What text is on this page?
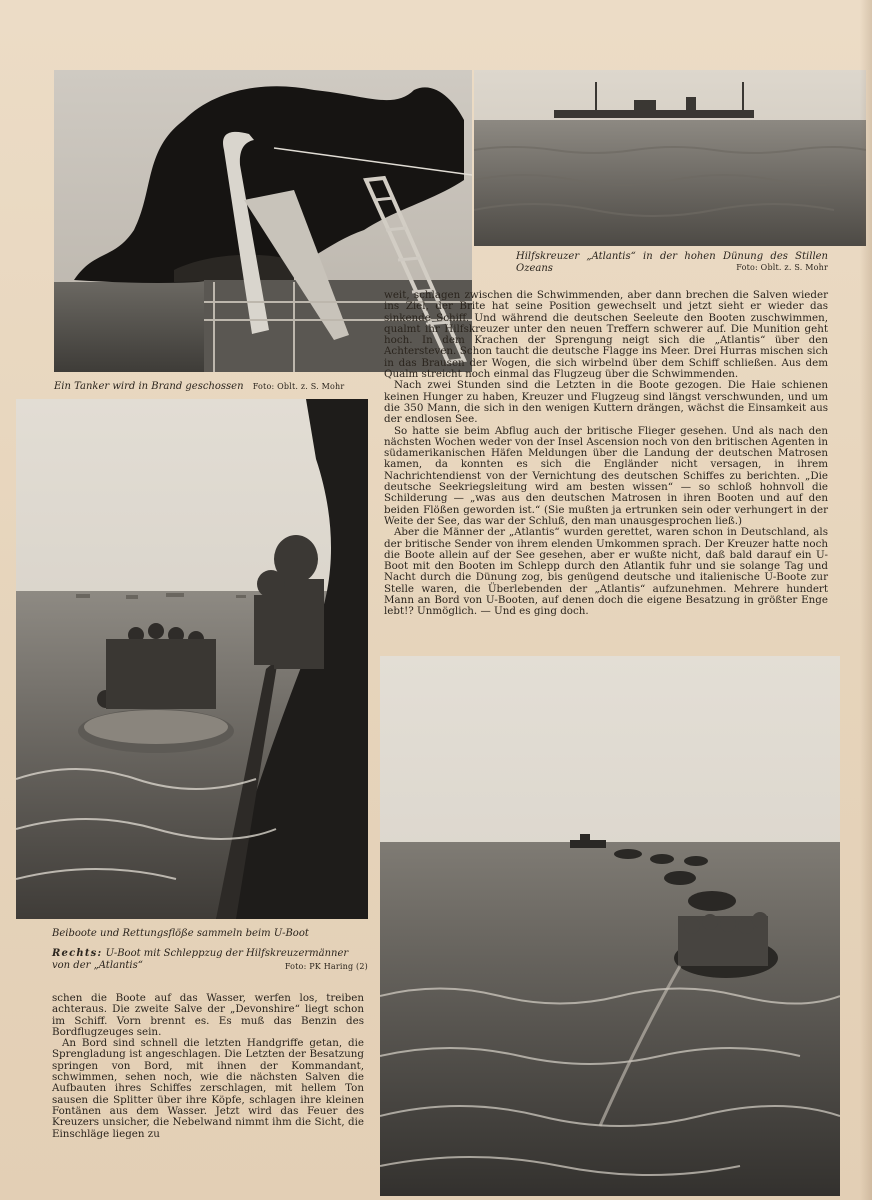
Ein Tanker wird in Brand geschossen Foto: Oblt. z. S. Mohr
Hilfskreuzer „Atlantis“ in der hohen Dünung des Stillen Ozeans	Foto: Oblt. z. S. Mohr

weit, schlagen zwischen die Schwimmenden, aber dann brechen die Salven wieder ins Ziel, der Brite hat seine Position gewechselt und jetzt sieht er wieder das sinkende Schiff. Und während die deutschen Seeleute den Booten zuschwimmen, qualmt ihr Hilfskreuzer unter den neuen Treffern schwerer auf. Die Munition geht hoch. In dem Krachen der Sprengung neigt sich die „Atlantis“ über den Achtersteven. Schon taucht die deutsche Flagge ins Meer. Drei Hurras mischen sich in das Brausen der Wogen, die sich wirbelnd über dem Schiff schließen. Aus dem Qualm streicht noch einmal das Flugzeug über die Schwimmenden.

Nach zwei Stunden sind die Letzten in die Boote gezogen. Die Haie schienen keinen Hunger zu haben, Kreuzer und Flugzeug sind längst verschwunden, und um die 350 Mann, die sich in den wenigen Kuttern drängen, wächst die Einsamkeit aus der endlosen See.

So hatte sie beim Abflug auch der britische Flieger gesehen. Und als nach den nächsten Wochen weder von der Insel Ascension noch von den britischen Agenten in südamerikanischen Häfen Meldungen über die Landung der deutschen Matrosen kamen, da konnten es sich die Engländer nicht versagen, in ihrem Nachrichtendienst von der Vernichtung des deutschen Schiffes zu berichten. „Die deutsche Seekriegsleitung wird am besten wissen“ — so schloß hohnvoll die Schilderung — „was aus den deutschen Matrosen in ihren Booten und auf den beiden Flößen geworden ist.“ (Sie mußten ja ertrunken sein oder verhungert in der Weite der See, das war der Schluß, den man unausgesprochen ließ.)

Aber die Männer der „Atlantis“ wurden gerettet, waren schon in Deutschland, als der britische Sender von ihrem elenden Umkommen sprach. Der Kreuzer hatte noch die Boote allein auf der See gesehen, aber er wußte nicht, daß bald darauf ein U-Boot mit den Booten im Schlepp durch den Atlantik fuhr und sie solange Tag und Nacht durch die Dünung zog, bis genügend deutsche und italienische U-Boote zur Stelle waren, die Überlebenden der „Atlantis“ aufzunehmen. Mehrere hundert Mann an Bord von U-Booten, auf denen doch die eigene Besatzung in größter Enge lebt!? Unmöglich. — Und es ging doch.

Beiboote und Rettungsflöße sammeln beim U-Boot
Rechts: U-Boot mit Schleppzug der Hilfskreuzermänner von der „Atlantis“	Foto: PK Haring (2)

schen die Boote auf das Wasser, werfen los, treiben achteraus. Die zweite Salve der „Devonshire“ liegt schon im Schiff. Vorn brennt es. Es muß das Benzin des Bordflugzeuges sein.

An Bord sind schnell die letzten Handgriffe getan, die Sprengladung ist angeschlagen. Die Letzten der Besatzung springen von Bord, mit ihnen der Kommandant, schwimmen, sehen noch, wie die nächsten Salven die Aufbauten ihres Schiffes zerschlagen, mit hellem Ton sausen die Splitter über ihre Köpfe, schlagen ihre kleinen Fontänen aus dem Wasser. Jetzt wird das Feuer des Kreuzers unsicher, die Nebelwand nimmt ihm die Sicht, die Einschläge liegen zu
